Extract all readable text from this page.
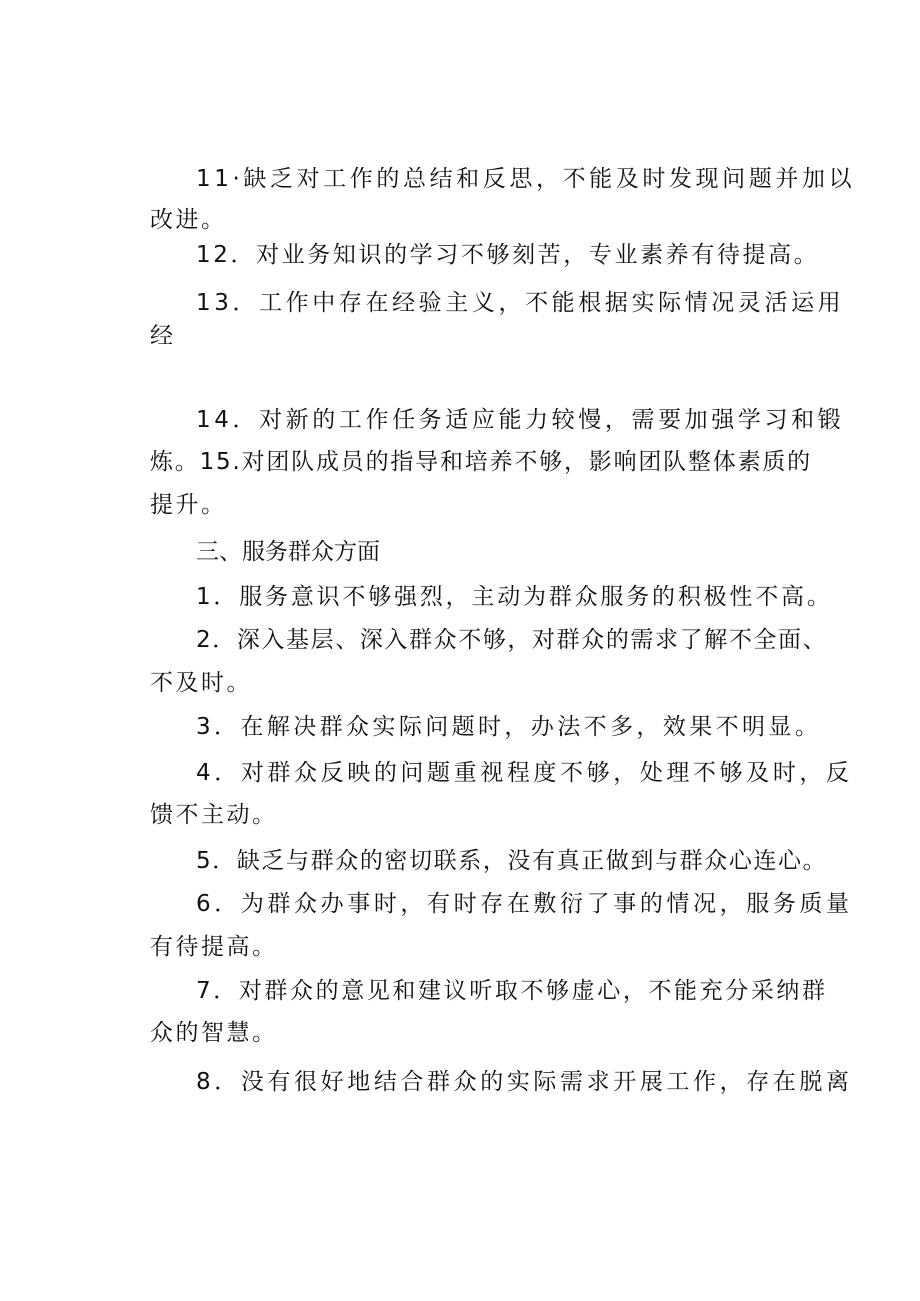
11·缺乏对工作的总结和反思，不能及时发现问题并加以
改进。
12．对业务知识的学习不够刻苦，专业素养有待提高。
13．工作中存在经验主义，不能根据实际情况灵活运用
经
14．对新的工作任务适应能力较慢，需要加强学习和锻
炼。15.对团队成员的指导和培养不够，影响团队整体素质的
提升。
三、服务群众方面
1．服务意识不够强烈，主动为群众服务的积极性不高。
2．深入基层、深入群众不够，对群众的需求了解不全面、
不及时。
3．在解决群众实际问题时，办法不多，效果不明显。
4．对群众反映的问题重视程度不够，处理不够及时，反
馈不主动。
5．缺乏与群众的密切联系，没有真正做到与群众心连心。
6．为群众办事时，有时存在敷衍了事的情况，服务质量
有待提高。
7．对群众的意见和建议听取不够虚心，不能充分采纳群
众的智慧。
8．没有很好地结合群众的实际需求开展工作，存在脱离
